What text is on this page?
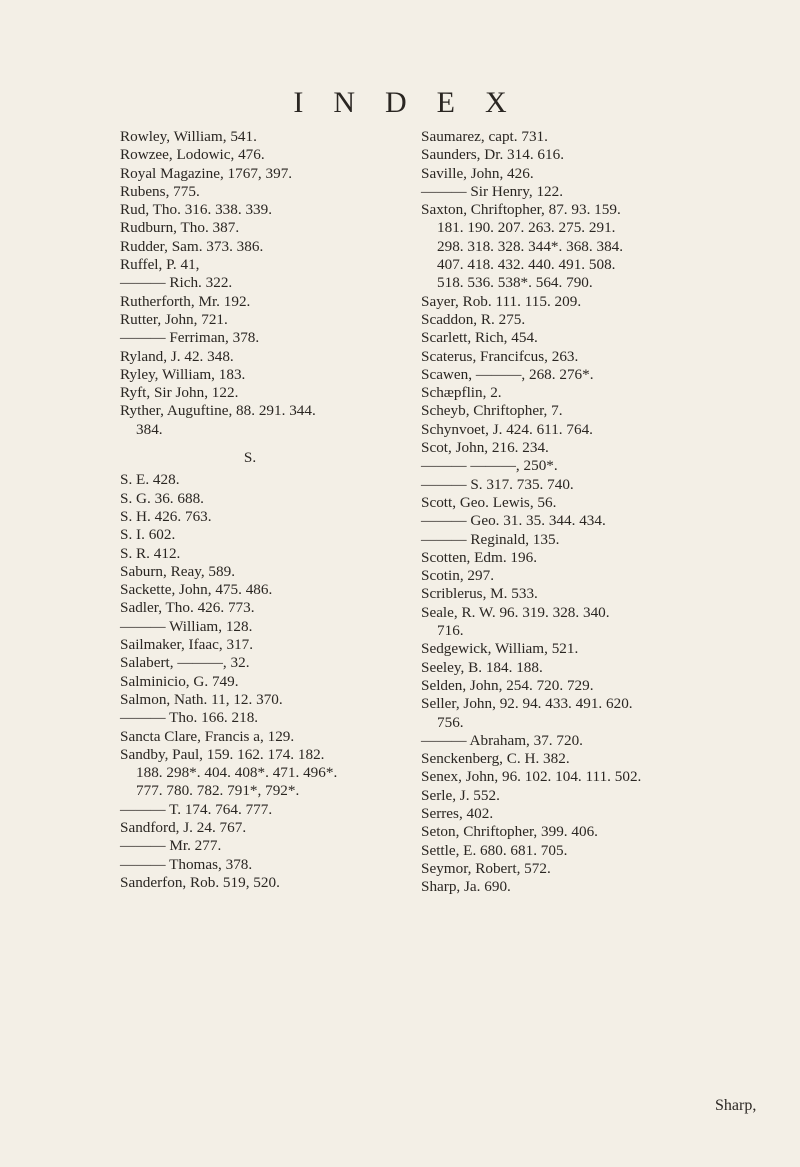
INDEX
Rowley, William, 541.
Rowzee, Lodowic, 476.
Royal Magazine, 1767, 397.
Rubens, 775.
Rud, Tho. 316. 338. 339.
Rudburn, Tho. 387.
Rudder, Sam. 373. 386.
Ruffel, P. 41,
——— Rich. 322.
Rutherforth, Mr. 192.
Rutter, John, 721.
——— Ferriman, 378.
Ryland, J. 42. 348.
Ryley, William, 183.
Ryft, Sir John, 122.
Ryther, Auguftine, 88. 291. 344.
384.
S.
S. E. 428.
S. G. 36. 688.
S. H. 426. 763.
S. I. 602.
S. R. 412.
Saburn, Reay, 589.
Sackette, John, 475. 486.
Sadler, Tho. 426. 773.
——— William, 128.
Sailmaker, Ifaac, 317.
Salabert, ———, 32.
Salminicio, G. 749.
Salmon, Nath. 11, 12. 370.
——— Tho. 166. 218.
Sancta Clare, Francis a, 129.
Sandby, Paul, 159. 162. 174. 182.
188. 298*. 404. 408*. 471. 496*.
777. 780. 782. 791*, 792*.
——— T. 174. 764. 777.
Sandford, J. 24. 767.
——— Mr. 277.
——— Thomas, 378.
Sanderfon, Rob. 519, 520.
Saumarez, capt. 731.
Saunders, Dr. 314. 616.
Saville, John, 426.
——— Sir Henry, 122.
Saxton, Chriftopher, 87. 93. 159.
181. 190. 207. 263. 275. 291.
298. 318. 328. 344*. 368. 384.
407. 418. 432. 440. 491. 508.
518. 536. 538*. 564. 790.
Sayer, Rob. 111. 115. 209.
Scaddon, R. 275.
Scarlett, Rich, 454.
Scaterus, Francifcus, 263.
Scawen, ———, 268. 276*.
Schæpflin, 2.
Scheyb, Chriftopher, 7.
Schynvoet, J. 424. 611. 764.
Scot, John, 216. 234.
——— ———, 250*.
——— S. 317. 735. 740.
Scott, Geo. Lewis, 56.
——— Geo. 31. 35. 344. 434.
——— Reginald, 135.
Scotten, Edm. 196.
Scotin, 297.
Scriblerus, M. 533.
Seale, R. W. 96. 319. 328. 340.
716.
Sedgewick, William, 521.
Seeley, B. 184. 188.
Selden, John, 254. 720. 729.
Seller, John, 92. 94. 433. 491. 620.
756.
——— Abraham, 37. 720.
Senckenberg, C. H. 382.
Senex, John, 96. 102. 104. 111. 502.
Serle, J. 552.
Serres, 402.
Seton, Chriftopher, 399. 406.
Settle, E. 680. 681. 705.
Seymor, Robert, 572.
Sharp, Ja. 690.
Sharp,
